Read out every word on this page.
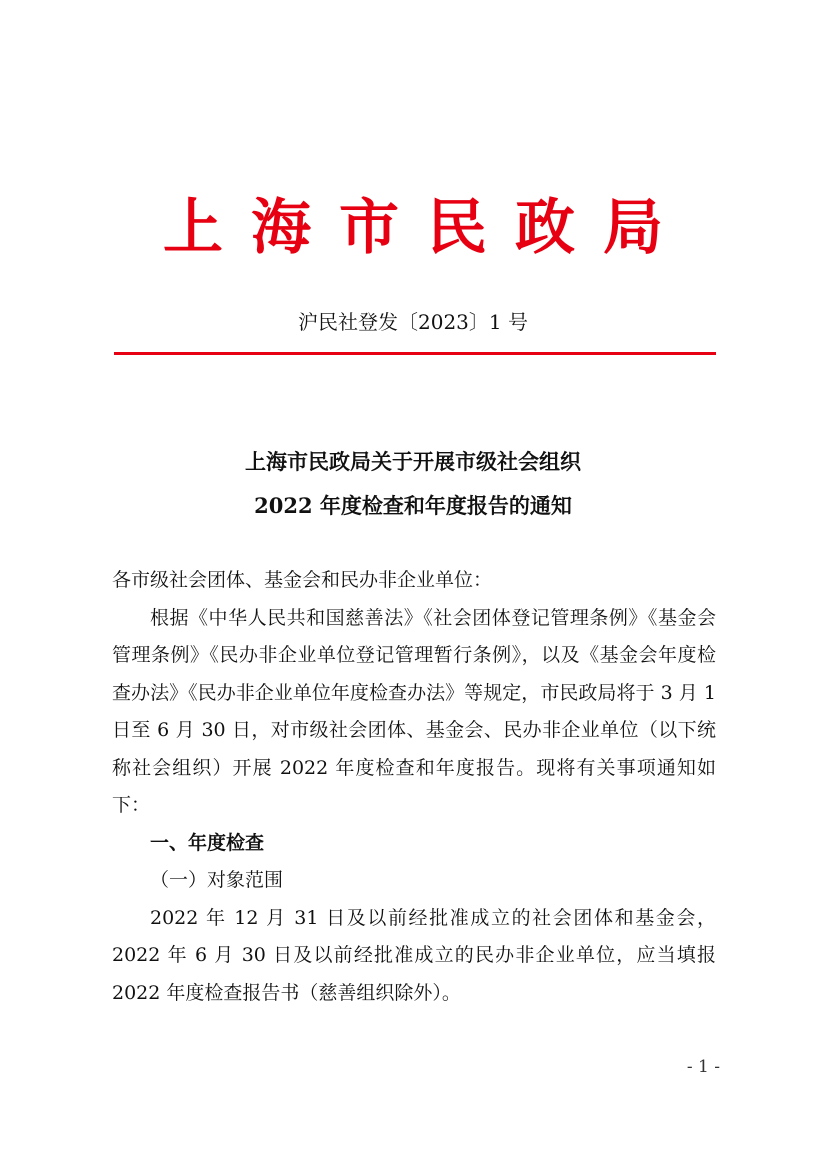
上海市民政局
沪民社登发〔2023〕1 号
上海市民政局关于开展市级社会组织
2022 年度检查和年度报告的通知

各市级社会团体、基金会和民办非企业单位：

根据《中华人民共和国慈善法》《社会团体登记管理条例》《基金会管理条例》《民办非企业单位登记管理暂行条例》，以及《基金会年度检查办法》《民办非企业单位年度检查办法》等规定，市民政局将于 3 月 1 日至 6 月 30 日，对市级社会团体、基金会、民办非企业单位（以下统称社会组织）开展 2022 年度检查和年度报告。现将有关事项通知如下：

一、年度检查

（一）对象范围

2022 年 12 月 31 日及以前经批准成立的社会团体和基金会，2022 年 6 月 30 日及以前经批准成立的民办非企业单位，应当填报 2022 年度检查报告书（慈善组织除外）。

- 1 -
